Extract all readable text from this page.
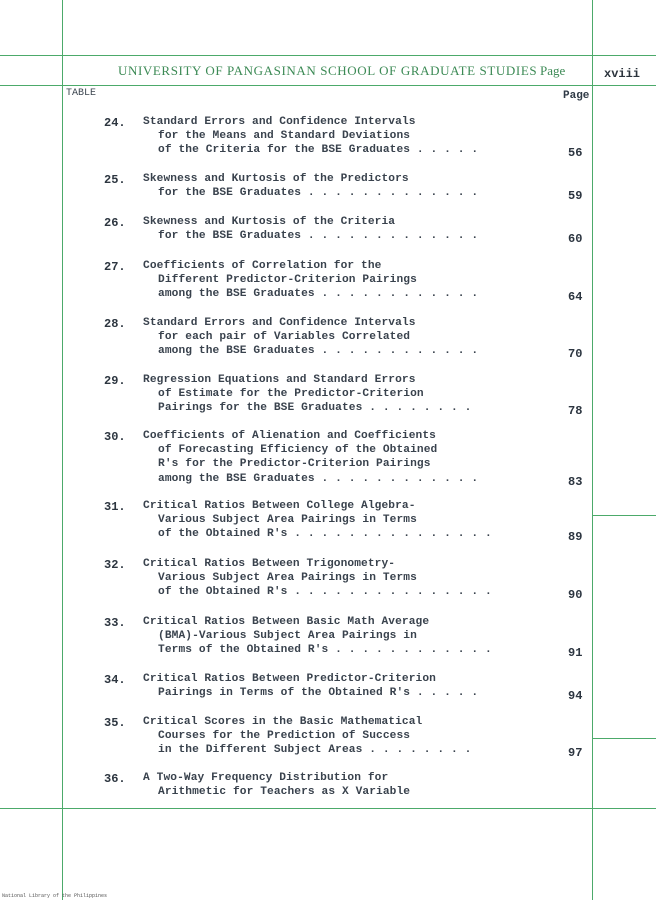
UNIVERSITY OF PANGASINAN SCHOOL OF GRADUATE STUDIES Page	xviii
TABLE	Page
24. Standard Errors and Confidence Intervals
for the Means and Standard Deviations
of the Criteria for the BSE Graduates . . . . .	56
25. Skewness and Kurtosis of the Predictors
for the BSE Graduates . . . . . . . . . . . . .	59
26. Skewness and Kurtosis of the Criteria
for the BSE Graduates . . . . . . . . . . . . .	60
27. Coefficients of Correlation for the
Different Predictor-Criterion Pairings
among the BSE Graduates . . . . . . . . . . . .	64
28. Standard Errors and Confidence Intervals
for each pair of Variables Correlated
among the BSE Graduates . . . . . . . . . . . .	70
29. Regression Equations and Standard Errors
of Estimate for the Predictor-Criterion
Pairings for the BSE Graduates . . . . . . . .	78
30. Coefficients of Alienation and Coefficients
of Forecasting Efficiency of the Obtained
R's for the Predictor-Criterion Pairings
among the BSE Graduates . . . . . . . . . . . .	83
31. Critical Ratios Between College Algebra-
Various Subject Area Pairings in Terms
of the Obtained R's . . . . . . . . . . . . . . .	89
32. Critical Ratios Between Trigonometry-
Various Subject Area Pairings in Terms
of the Obtained R's . . . . . . . . . . . . . . .	90
33. Critical Ratios Between Basic Math Average
(BMA)-Various Subject Area Pairings in
Terms of the Obtained R's . . . . . . . . . . . .	91
34. Critical Ratios Between Predictor-Criterion
Pairings in Terms of the Obtained R's . . . . .	94
35. Critical Scores in the Basic Mathematical
Courses for the Prediction of Success
in the Different Subject Areas . . . . . . . .	97
36. A Two-Way Frequency Distribution for
Arithmetic for Teachers as X Variable
National Library of the Philippines
